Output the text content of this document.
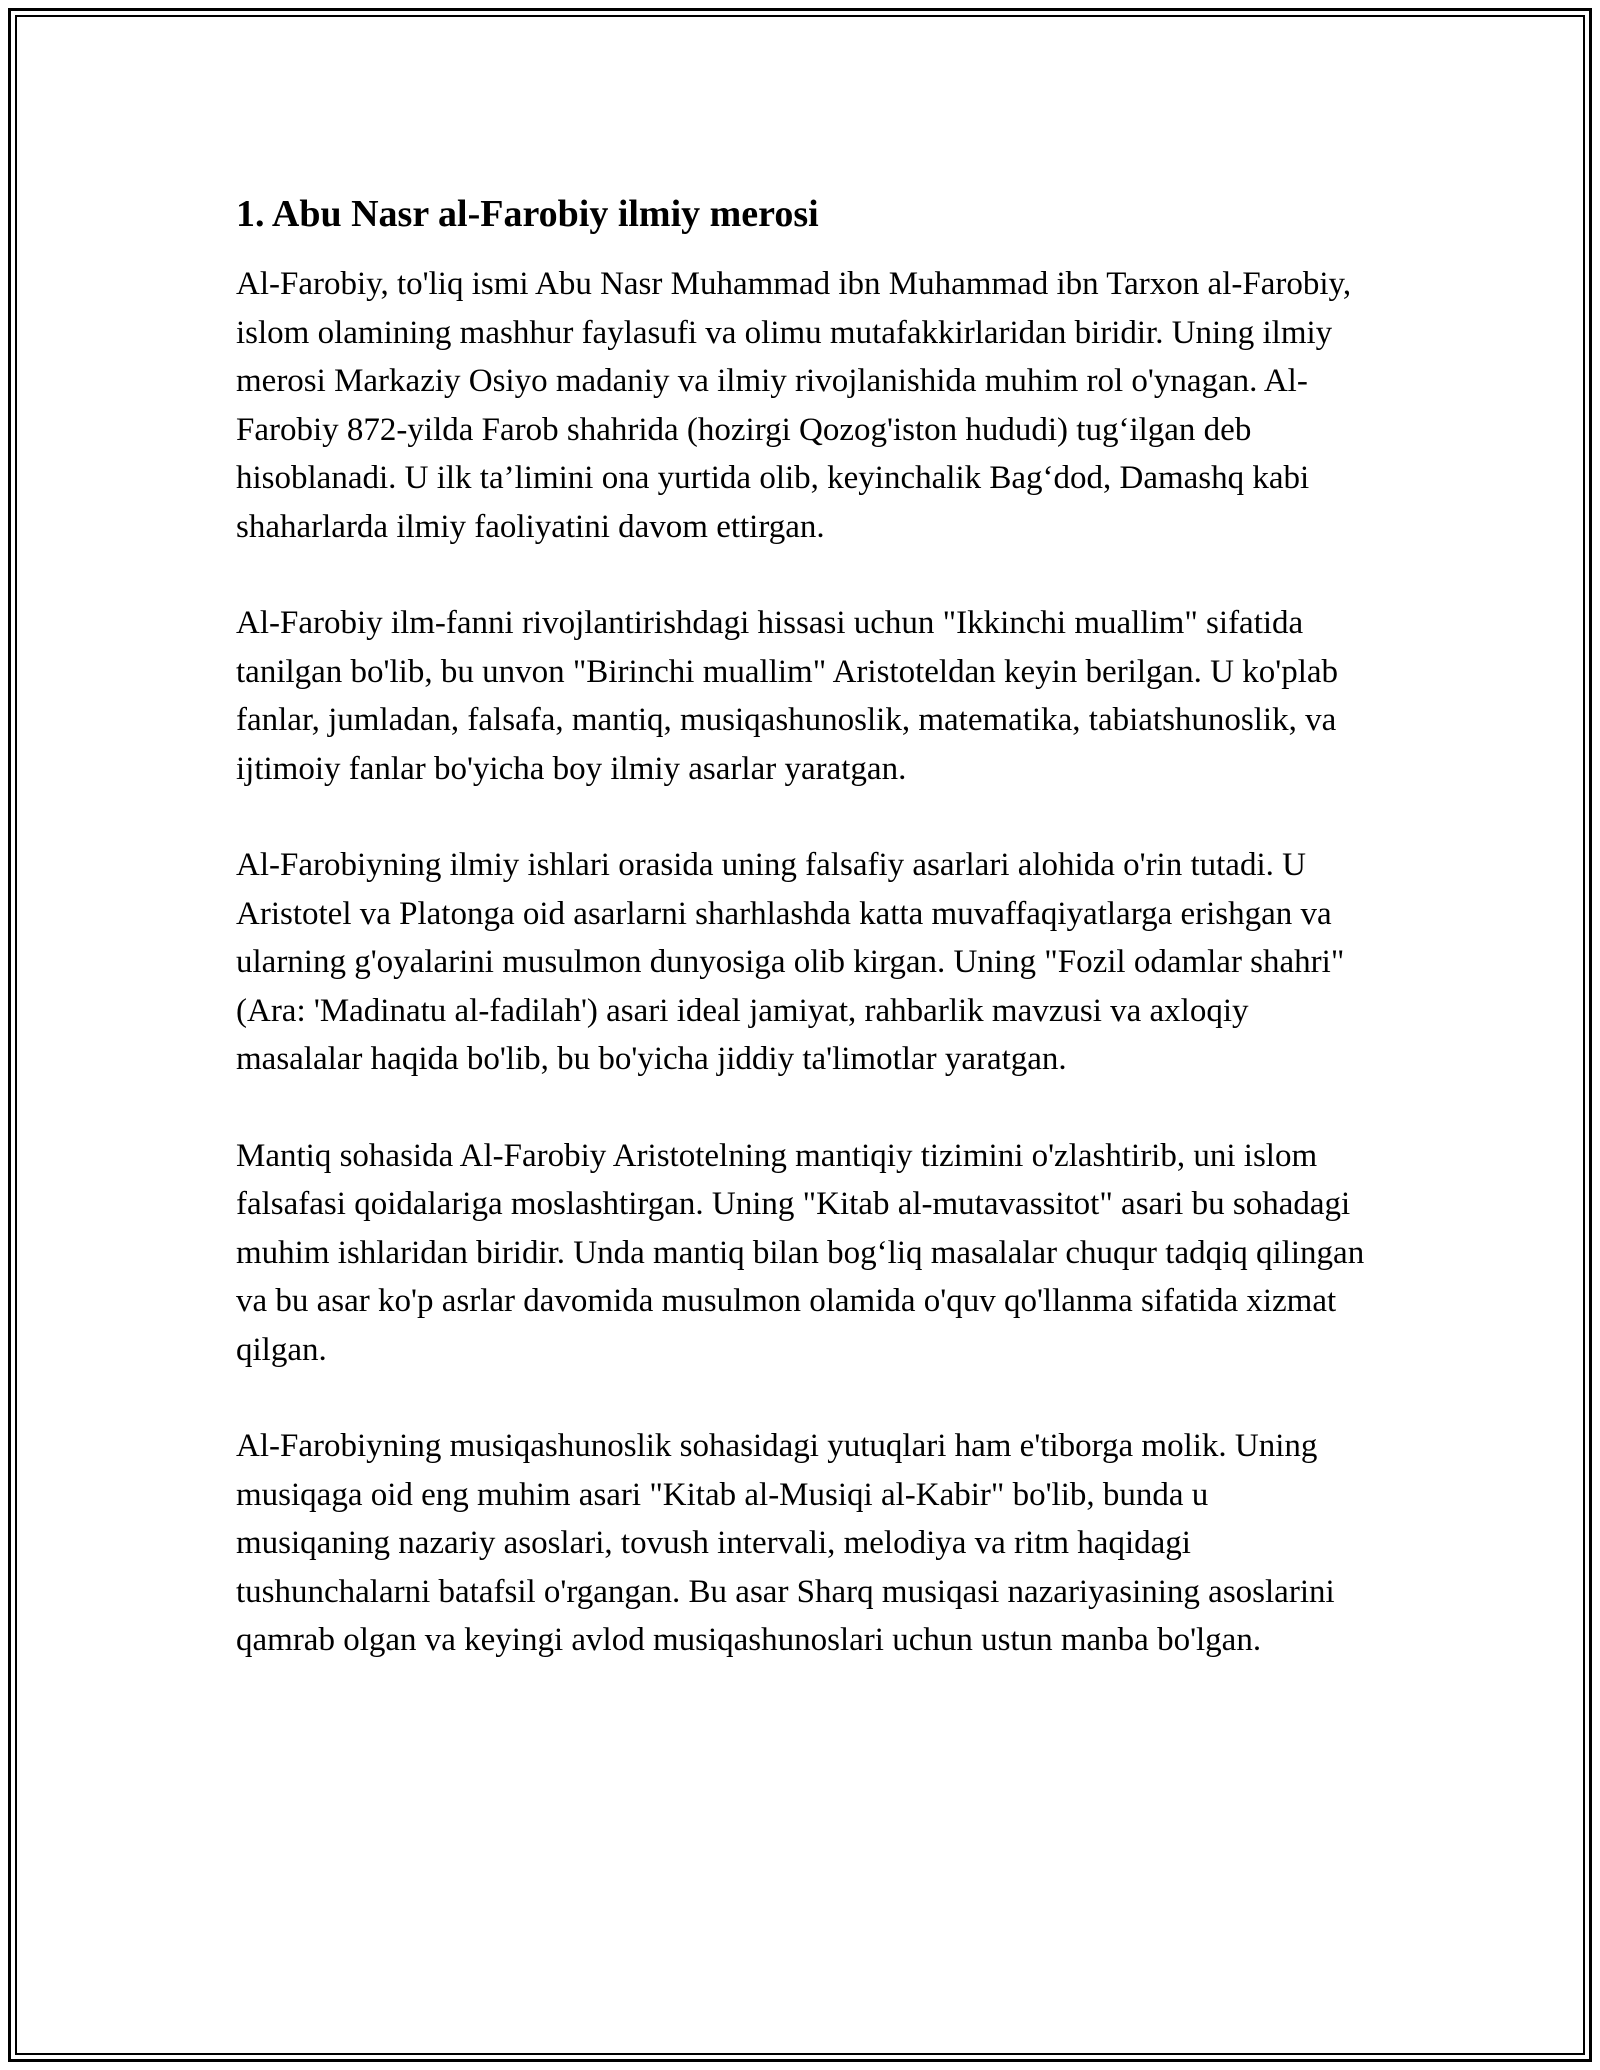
1. Abu Nasr al-Farobiy ilmiy merosi

Al-Farobiy, to'liq ismi Abu Nasr Muhammad ibn Muhammad ibn Tarxon al-Farobiy, islom olamining mashhur faylasufi va olimu mutafakkirlaridan biridir. Uning ilmiy merosi Markaziy Osiyo madaniy va ilmiy rivojlanishida muhim rol o'ynagan. Al-Farobiy 872-yilda Farob shahrida (hozirgi Qozog'iston hududi) tug‘ilgan deb hisoblanadi. U ilk ta’limini ona yurtida olib, keyinchalik Bag‘dod, Damashq kabi shaharlarda ilmiy faoliyatini davom ettirgan.

Al-Farobiy ilm-fanni rivojlantirishdagi hissasi uchun "Ikkinchi muallim" sifatida tanilgan bo'lib, bu unvon "Birinchi muallim" Aristoteldan keyin berilgan. U ko'plab fanlar, jumladan, falsafa, mantiq, musiqashunoslik, matematika, tabiatshunoslik, va ijtimoiy fanlar bo'yicha boy ilmiy asarlar yaratgan.

Al-Farobiyning ilmiy ishlari orasida uning falsafiy asarlari alohida o'rin tutadi. U Aristotel va Platonga oid asarlarni sharhlashda katta muvaffaqiyatlarga erishgan va ularning g'oyalarini musulmon dunyosiga olib kirgan. Uning "Fozil odamlar shahri" (Ara: 'Madinatu al-fadilah') asari ideal jamiyat, rahbarlik mavzusi va axloqiy masalalar haqida bo'lib, bu bo'yicha jiddiy ta'limotlar yaratgan.

Mantiq sohasida Al-Farobiy Aristotelning mantiqiy tizimini o'zlashtirib, uni islom falsafasi qoidalariga moslashtirgan. Uning "Kitab al-mutavassitot" asari bu sohadagi muhim ishlaridan biridir. Unda mantiq bilan bog‘liq masalalar chuqur tadqiq qilingan va bu asar ko'p asrlar davomida musulmon olamida o'quv qo'llanma sifatida xizmat qilgan.

Al-Farobiyning musiqashunoslik sohasidagi yutuqlari ham e'tiborga molik. Uning musiqaga oid eng muhim asari "Kitab al-Musiqi al-Kabir" bo'lib, bunda u musiqaning nazariy asoslari, tovush intervali, melodiya va ritm haqidagi tushunchalarni batafsil o'rgangan. Bu asar Sharq musiqasi nazariyasining asoslarini qamrab olgan va keyingi avlod musiqashunoslari uchun ustun manba bo'lgan.
